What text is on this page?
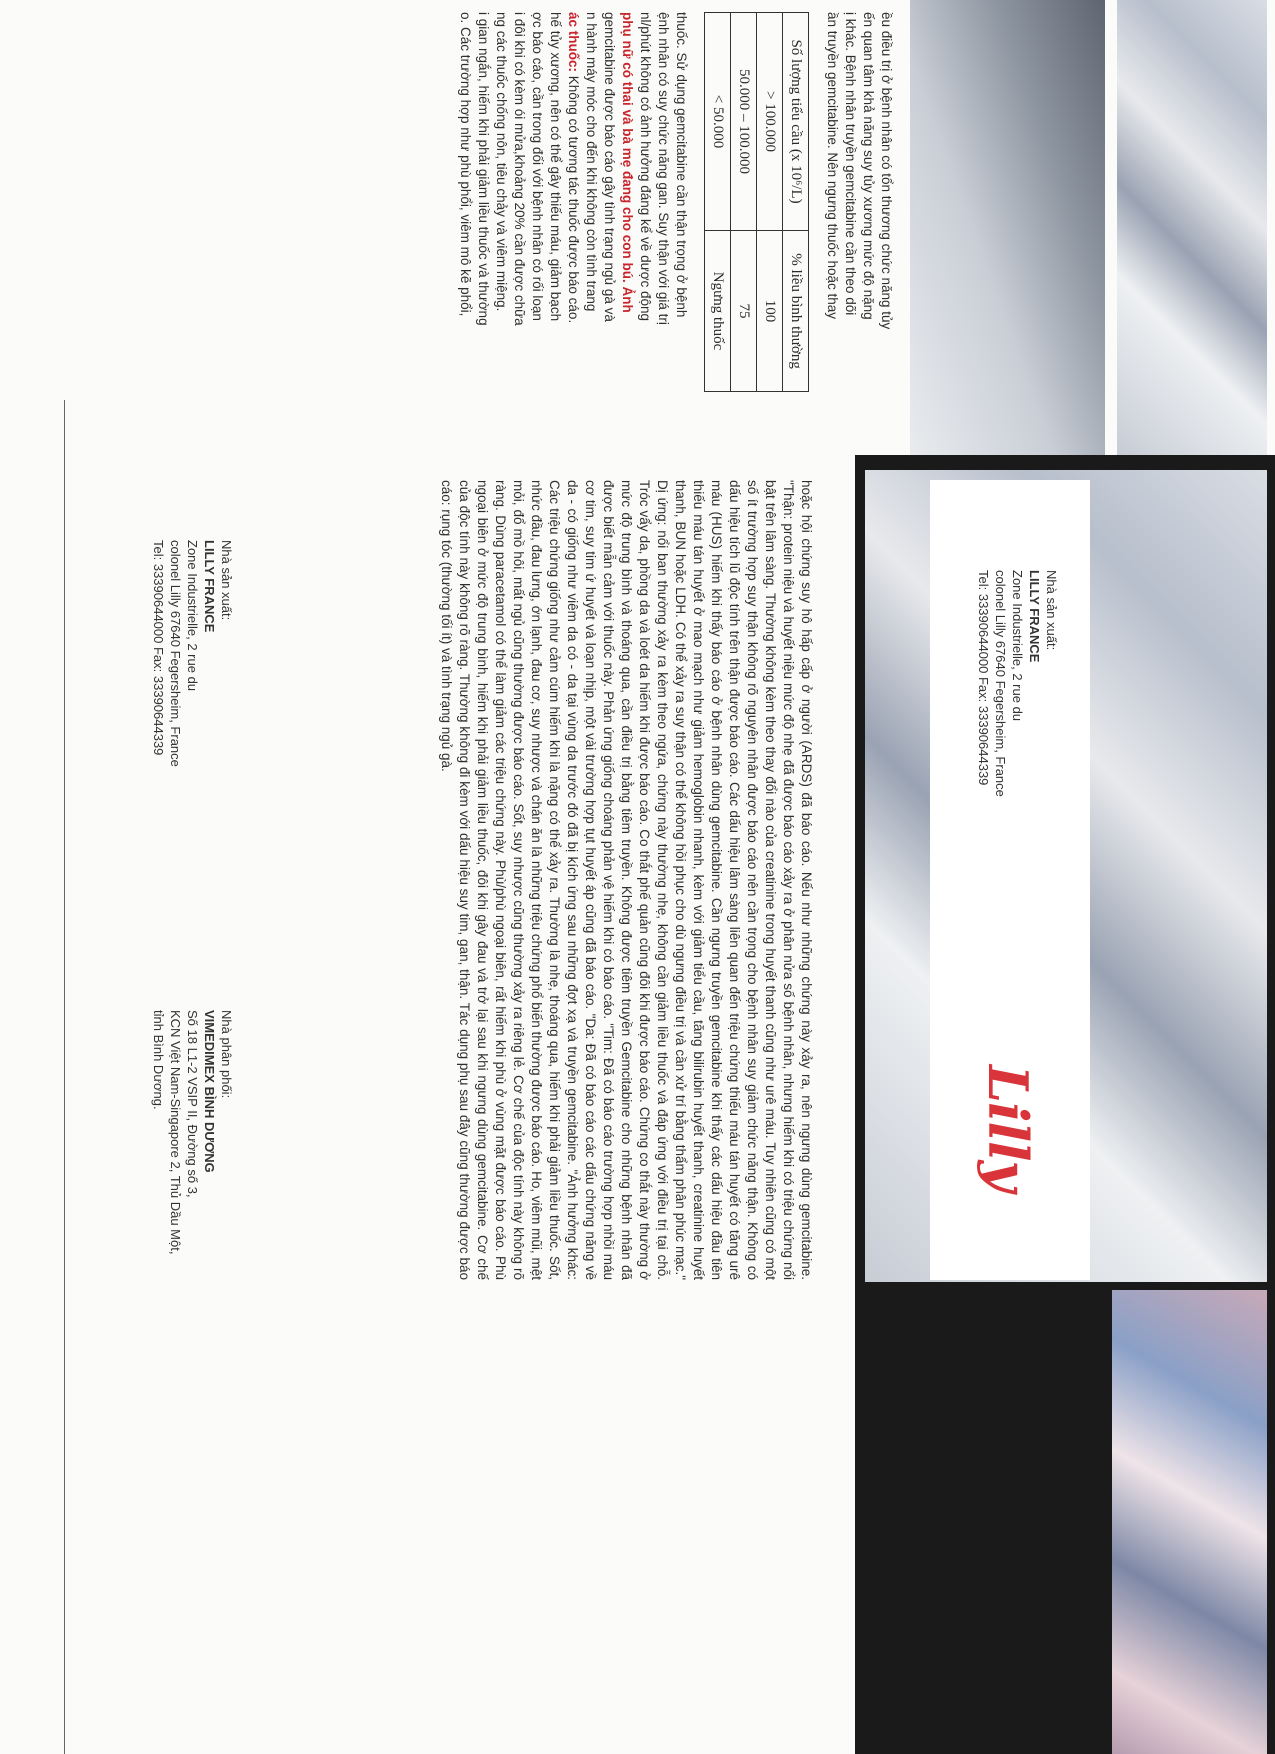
Lilly
Nhà sản xuất:
LILLY FRANCE
Zone Industrielle, 2 rue du
colonel Lilly 67640 Fegersheim, France
Tel: 33390644000 Fax: 33390644339

ều điều trị ở bệnh nhân có tổn thương chức năng tủy

ến quan tâm khả năng suy tủy xương mức độ nặng

ị khác. Bệnh nhân truyền gemcitabine cần theo dõi

ần truyền gemcitabine. Nên ngưng thuốc hoặc thay

Số lượng tiểu cầu (x 10⁶/L)	% liều bình thường
> 100.000	100
50.000 – 100.000	75
< 50.000	Ngưng thuốc

thuốc. Sử dụng gemcitabine cần thận trọng ở bệnh

ệnh nhân có suy chức năng gan. Suy thận với giá trị

nl/phút không có ảnh hưởng đáng kể về dược động

phụ nữ có thai và bà mẹ đang cho con bú. Ảnh

gemcitabine được báo cáo gây tình trạng ngủ gà và

n hành máy móc cho đến khi không còn tình trang

ác thuốc: Không có tương tác thuốc được báo cáo.

hế tủy xương, nên có thể gây thiếu máu, giảm bạch

ợc báo cáo, cần trong đối với bệnh nhân có rối loạn

i đôi khi có kèm ói mửa,khoảng 20% cần được chữa

ng các thuốc chống nôn, tiêu chảy và viêm miệng.

i gian ngắn, hiếm khi phải giảm liều thuốc và thường

o. Các trường hợp như phù phổi, viêm mô kẽ phổi,

hoặc hội chứng suy hô hấp cấp ở người (ARDS) đã báo cáo. Nếu như những chứng này xảy ra, nên ngưng dùng gemcitabine. "Thận: protein niệu và huyết niệu mức độ nhẹ đã được báo cáo xảy ra ở phân nửa số bệnh nhân, nhưng hiếm khi có triệu chứng nổi bật trên lâm sàng. Thường không kèm theo thay đổi nào của creatinine trong huyết thanh cũng như urê máu. Tuy nhiên cũng có một số ít trường hợp suy thận không rõ nguyên nhân được báo cáo nên cần trọng cho bệnh nhân suy giảm chức năng thận. Không có dấu hiệu tích lũ độc tính trên thận được báo cáo. Các dấu hiệu lâm sàng liên quan đến triệu chứng thiếu máu tán huyết có tăng urê máu (HUS) hiếm khi thấy báo cáo ở bệnh nhân dùng gemcitabine. Cần ngưng truyền gemcitabine khi thấy các dấu hiệu đầu tiên thiếu máu tán huyết ở mao mạch như giảm hemoglobin nhanh, kèm với giảm tiểu cầu, tăng bilirubin huyết thanh, creatinine huyết thanh, BUN hoặc LDH. Có thể xảy ra suy thận có thể không hồi phục cho dù ngưng điều trị và cần xử trí bằng thẩm phân phúc mạc." Dị ứng: nổi ban thường xảy ra kèm theo ngứa, chứng này thường nhẹ, không cần giảm liều thuốc và đáp ứng với điều trị tại chỗ. Tróc vẩy da, phồng da và loét da hiếm khi được báo cáo. Co thắt phế quản cũng đôi khi được báo cáo. Chứng co thắt này thường ở mức độ trung bình và thoáng qua, cần điều trị bằng tiêm truyền. Không được tiêm truyền Gemcitabine cho những bệnh nhân đã được biết mẫn cảm với thuốc này. Phản ứng giống choáng phản vệ hiếm khi có báo cáo. "Tim: Đã có báo cáo trường hợp nhồi máu cơ tim, suy tim ứ huyết và loạn nhịp, một vài trường hợp tụt huyết áp cũng đã báo cáo. "Da: Đã có báo cáo các dấu chứng năng về da - có giống như viêm da có - da tại vùng da trước đó đã bị kích ứng sau những đợt xạ và truyền gemcitabine. "Ảnh hưởng khác: Các triệu chứng giống như cảm cúm hiếm khi là nặng có thể xảy ra. Thường là nhẹ, thoáng qua, hiếm khi phải giảm liều thuốc. Sốt, nhức đầu, đau lưng, ớn lạnh, đau cơ, suy nhược và chán ăn là những triệu chứng phổ biến thường được báo cáo. Ho, viêm mũi, mệt mỏi, đổ mồ hôi, mất ngủ cũng thường được báo cáo. Sốt, suy nhược cũng thường xảy ra riêng lẻ. Cơ chế của độc tính này không rõ ràng. Dùng paracetamol có thể làm giảm các triệu chứng này. Phù/phù ngoại biên, rất hiếm khi phù ở vùng mặt được báo cáo. Phù ngoại biên ở mức độ trung bình, hiếm khi phải giảm liều thuốc, đôi khi gây đau và trở lại sau khi ngưng dùng gemcitabine. Cơ chế của độc tính này không rõ ràng. Thường không đi kèm với dấu hiệu suy tim, gan, thận. Tác dụng phụ sau đây cũng thường được báo cáo: rụng tóc (thường tối ít) và tình trạng ngủ gà.

Nhà sản xuất:
LILLY FRANCE
Zone Industrielle, 2 rue du
colonel Lilly 67640 Fegersheim, France
Tel: 33390644000 Fax: 33390644339
Nhà phân phối:
VIMEDIMEX BÌNH DƯƠNG
Số 18 L1-2 VSIP II, Đường số 3,
KCN Việt Nam-Singapore 2, Thủ Dầu Một,
tỉnh Bình Dương.
